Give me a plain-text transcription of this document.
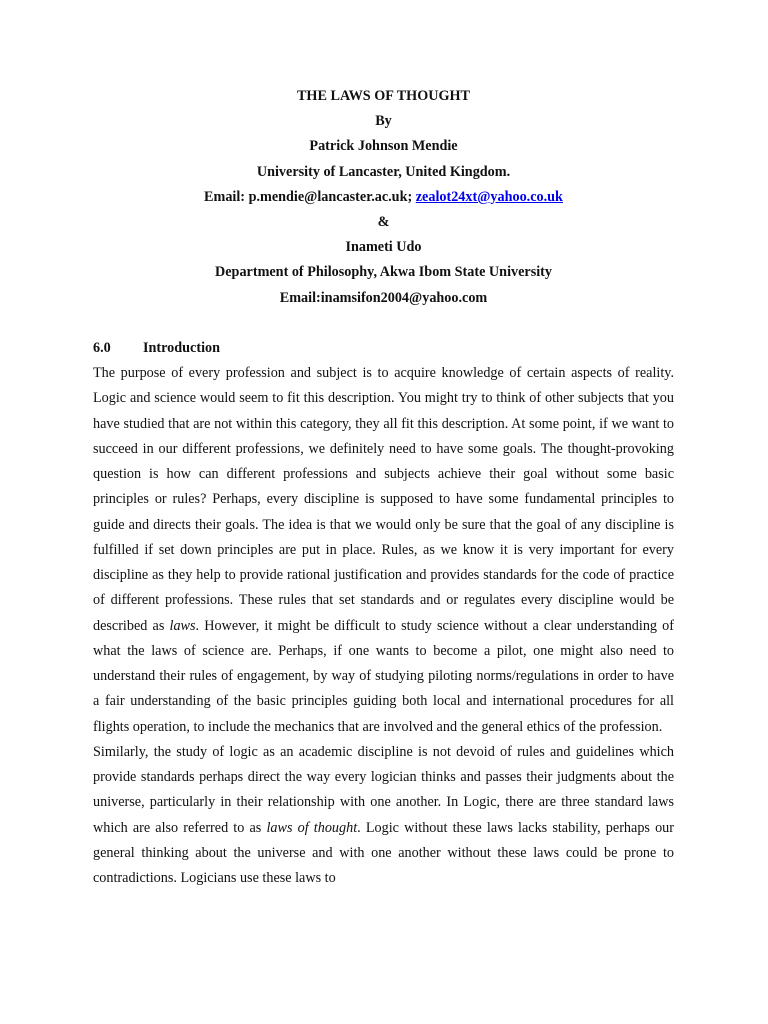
THE LAWS OF THOUGHT
By
Patrick Johnson Mendie
University of Lancaster, United Kingdom.
Email: p.mendie@lancaster.ac.uk; zealot24xt@yahoo.co.uk
&
Inameti Udo
Department of Philosophy, Akwa Ibom State University
Email:inamsifon2004@yahoo.com
6.0 Introduction

The purpose of every profession and subject is to acquire knowledge of certain aspects of reality. Logic and science would seem to fit this description. You might try to think of other subjects that you have studied that are not within this category, they all fit this description. At some point, if we want to succeed in our different professions, we definitely need to have some goals. The thought-provoking question is how can different professions and subjects achieve their goal without some basic principles or rules? Perhaps, every discipline is supposed to have some fundamental principles to guide and directs their goals. The idea is that we would only be sure that the goal of any discipline is fulfilled if set down principles are put in place. Rules, as we know it is very important for every discipline as they help to provide rational justification and provides standards for the code of practice of different professions. These rules that set standards and or regulates every discipline would be described as laws. However, it might be difficult to study science without a clear understanding of what the laws of science are. Perhaps, if one wants to become a pilot, one might also need to understand their rules of engagement, by way of studying piloting norms/regulations in order to have a fair understanding of the basic principles guiding both local and international procedures for all flights operation, to include the mechanics that are involved and the general ethics of the profession.

Similarly, the study of logic as an academic discipline is not devoid of rules and guidelines which provide standards perhaps direct the way every logician thinks and passes their judgments about the universe, particularly in their relationship with one another. In Logic, there are three standard laws which are also referred to as laws of thought. Logic without these laws lacks stability, perhaps our general thinking about the universe and with one another without these laws could be prone to contradictions. Logicians use these laws to
